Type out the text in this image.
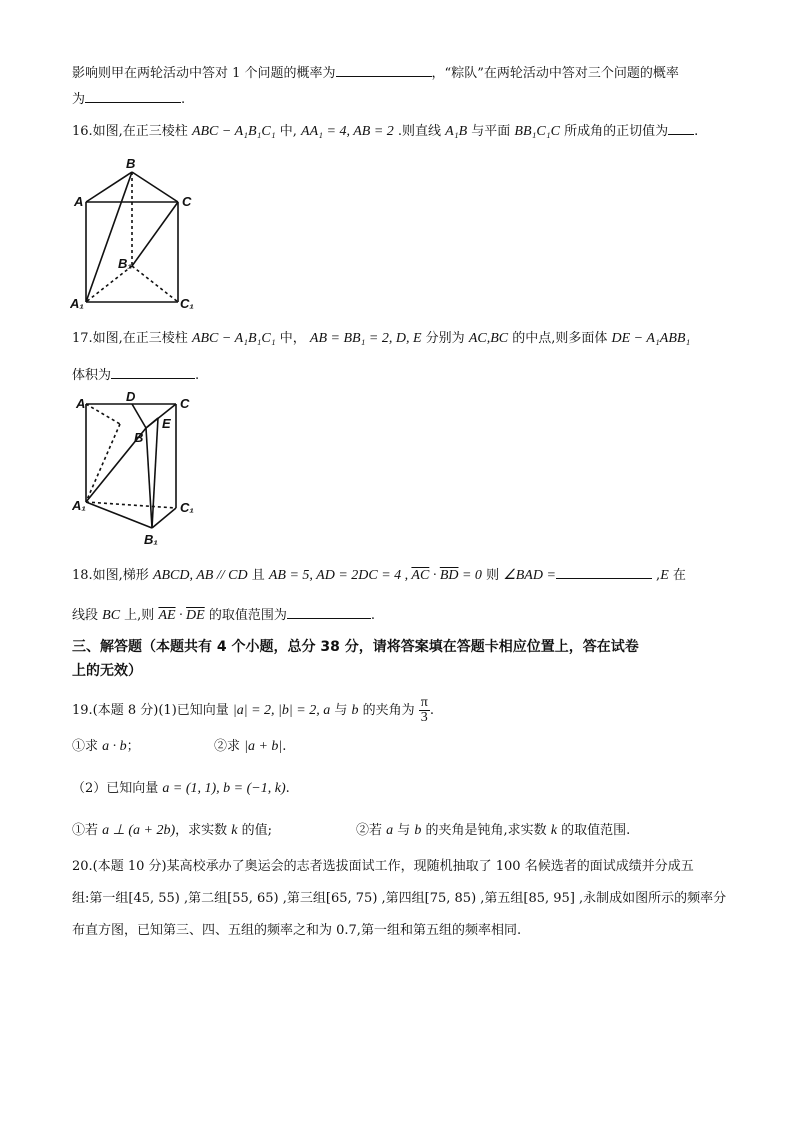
影响则甲在两轮活动中答对 1 个问题的概率为	，“粽队”在两轮活动中答对三个问题的概率
为	.
16.如图,在正三棱柱 ABC − A₁B₁C₁ 中, AA₁ = 4, AB = 2 .则直线 A₁B 与平面 BB₁C₁C 所成角的正切值为 .
B
A	C
B₁
A₁	C₁
17.如图,在正三棱柱 ABC − A₁B₁C₁ 中， AB = BB₁ = 2, D, E 分别为 AC,BC 的中点,则多面体 DE − A₁ABB₁
体积为	.
A	D	C
B
E
A₁	C₁
B₁
18.如图,梯形 ABCD, AB // CD 且 AB = 5, AD = 2DC = 4 , $\overline{AC} \cdot \overline{BD} = 0$ 则 ∠BAD =	,E 在
线段 BC 上,则 $\overline{AE} \cdot \overline{DE}$ 的取值范围为	.
三、解答题（本题共有 4 个小题，总分 38 分，请将答案填在答题卡相应位置上，答在试卷
上的无效）
19.(本题 8 分)(1)已知向量 |a| = 2, |b| = 2, a 与 b 的夹角为 $\frac{\pi}{3}$ .
①求 a · b；	②求 |a + b|.
（2）已知向量 a = (1, 1), b = (−1, k).
①若 a ⊥ (a + 2b)，求实数 k 的值;	②若 a 与 b 的夹角是钝角,求实数 k 的取值范围.
20.(本题 10 分)某高校承办了奥运会的志者选拔面试工作，现随机抽取了 100 名候选者的面试成绩并分成五
组:第一组[45, 55) ,第二组[55, 65) ,第三组[65, 75) ,第四组[75, 85) ,第五组[85, 95] ,永制成如图所示的频率分
布直方图，已知第三、四、五组的频率之和为 0.7,第一组和第五组的频率相同.
